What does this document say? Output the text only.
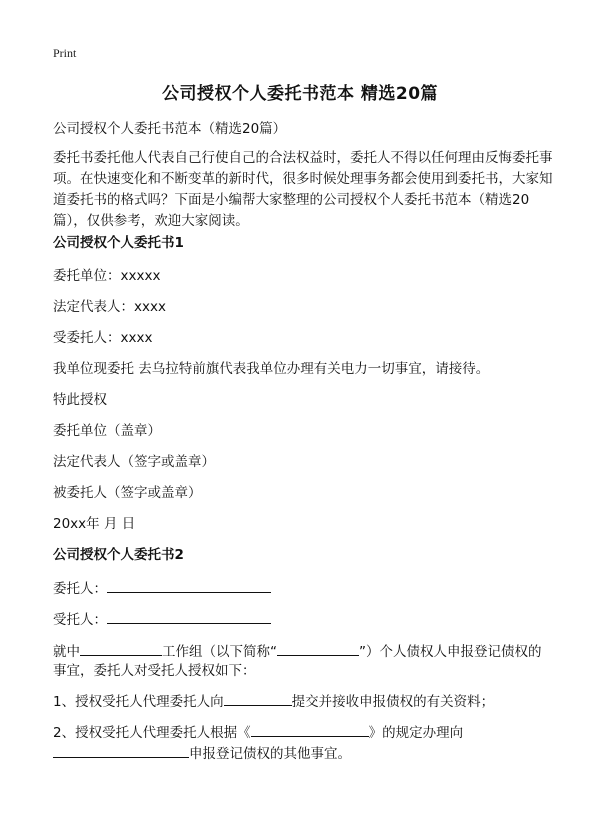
Print
公司授权个人委托书范本 精选20篇
公司授权个人委托书范本（精选20篇）
委托书委托他人代表自己行使自己的合法权益时，委托人不得以任何理由反悔委托事项。在快速变化和不断变革的新时代，很多时候处理事务都会使用到委托书，大家知道委托书的格式吗？下面是小编帮大家整理的公司授权个人委托书范本（精选20篇），仅供参考，欢迎大家阅读。
公司授权个人委托书1
委托单位：xxxxx
法定代表人：xxxx
受委托人：xxxx
我单位现委托 去乌拉特前旗代表我单位办理有关电力一切事宜，请接待。
特此授权
委托单位（盖章）
法定代表人（签字或盖章）
被委托人（签字或盖章）
20xx年 月 日
公司授权个人委托书2
委托人：
受托人：
就中	工作组（以下简称“	”）个人债权人申报登记债权的
事宜，委托人对受托人授权如下：
1、授权受托人代理委托人向	提交并接收申报债权的有关资料；
2、授权受托人代理委托人根据《	》的规定办理向
申报登记债权的其他事宜。
